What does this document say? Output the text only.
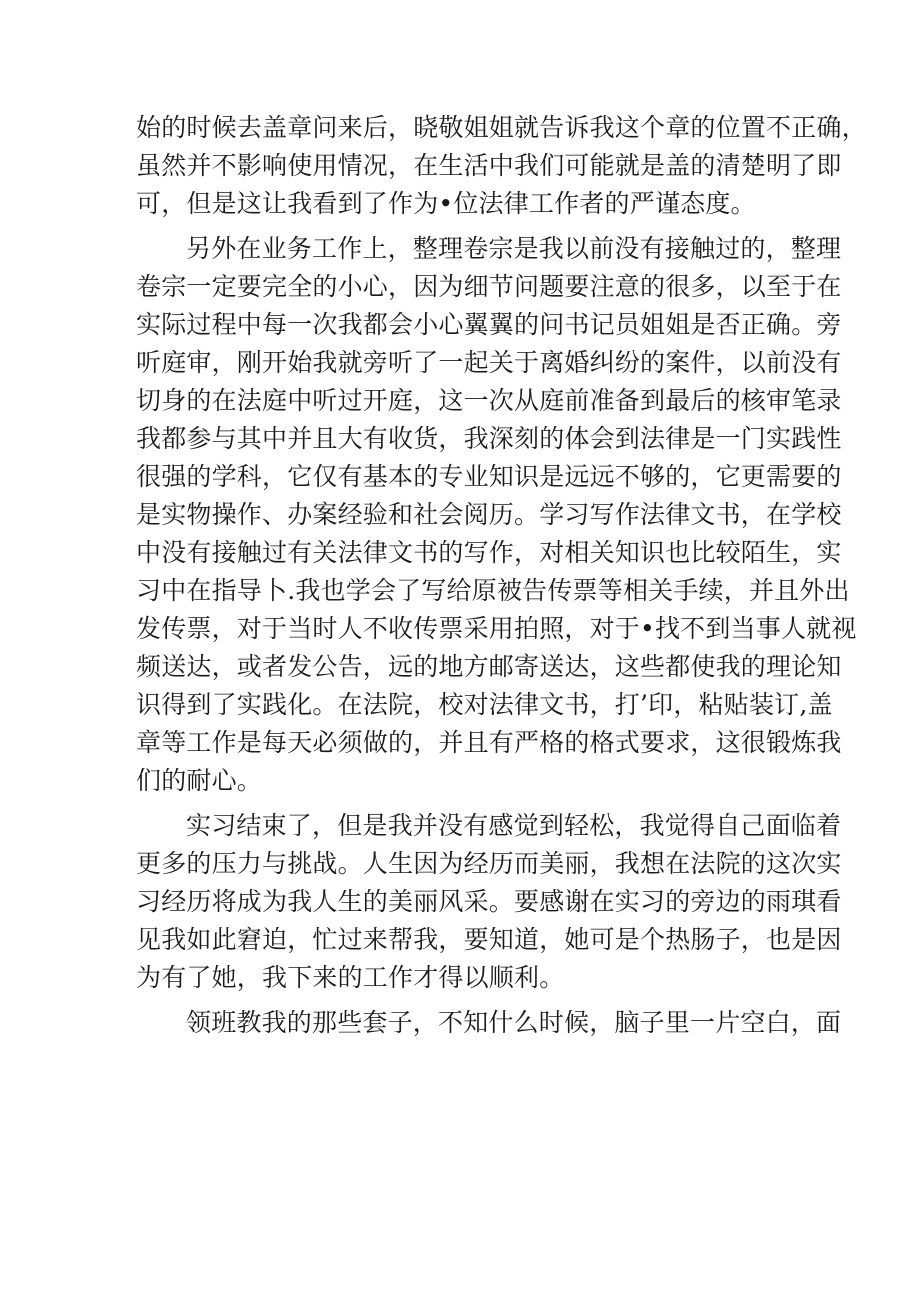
始的时候去盖章问来后，晓敬姐姐就告诉我这个章的位置不正确，
虽然并不影响使用情况，在生活中我们可能就是盖的清楚明了即
可，但是这让我看到了作为•位法律工作者的严谨态度。
另外在业务工作上，整理卷宗是我以前没有接触过的，整理
卷宗一定要完全的小心，因为细节问题要注意的很多，以至于在
实际过程中每一次我都会小心翼翼的问书记员姐姐是否正确。旁
听庭审，刚开始我就旁听了一起关于离婚纠纷的案件，以前没有
切身的在法庭中听过开庭，这一次从庭前准备到最后的核审笔录
我都参与其中并且大有收货，我深刻的体会到法律是一门实践性
很强的学科，它仅有基本的专业知识是远远不够的，它更需要的
是实物操作、办案经验和社会阅历。学习写作法律文书，在学校
中没有接触过有关法律文书的写作，对相关知识也比较陌生，实
习中在指导卜.我也学会了写给原被告传票等相关手续，并且外出
发传票，对于当时人不收传票采用拍照，对于•找不到当事人就视
频送达，或者发公告，远的地方邮寄送达，这些都使我的理论知
识得到了实践化。在法院，校对法律文书，打’印，粘贴装订,盖
章等工作是每天必须做的，并且有严格的格式要求，这很锻炼我
们的耐心。
实习结束了，但是我并没有感觉到轻松，我觉得自己面临着
更多的压力与挑战。人生因为经历而美丽，我想在法院的这次实
习经历将成为我人生的美丽风采。要感谢在实习的旁边的雨琪看
见我如此窘迫，忙过来帮我，要知道，她可是个热肠子，也是因
为有了她，我下来的工作才得以顺利。
领班教我的那些套子，不知什么时候，脑子里一片空白，面
